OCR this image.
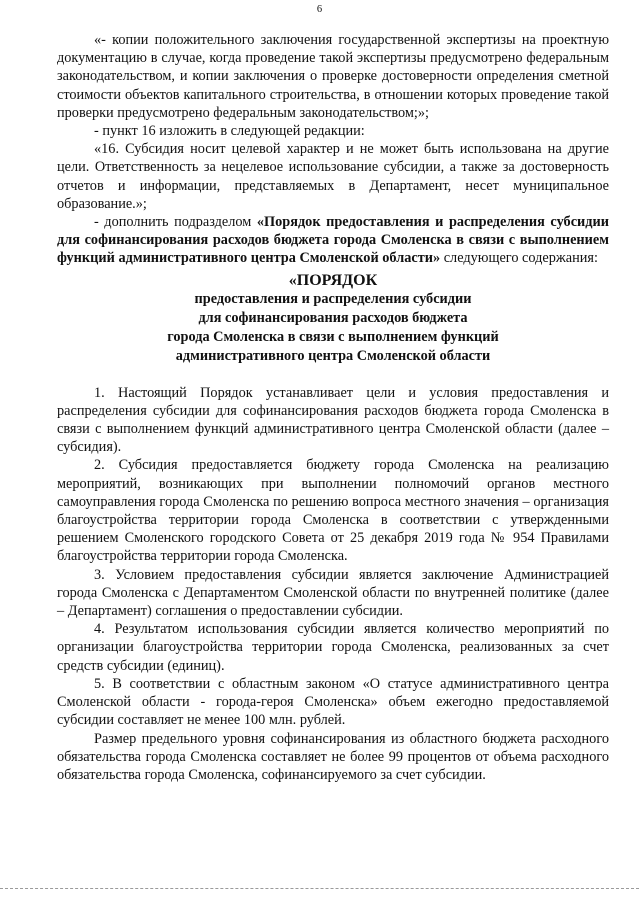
6

«- копии положительного заключения государственной экспертизы на проектную документацию в случае, когда проведение такой экспертизы предусмотрено федеральным законодательством, и копии заключения о проверке достоверности определения сметной стоимости объектов капитального строительства, в отношении которых проведение такой проверки предусмотрено федеральным законодательством;»;

- пункт 16 изложить в следующей редакции:

«16. Субсидия носит целевой характер и не может быть использована на другие цели. Ответственность за нецелевое использование субсидии, а также за достоверность отчетов и информации, представляемых в Департамент, несет муниципальное образование.»;

- дополнить подразделом «Порядок предоставления и распределения субсидии для софинансирования расходов бюджета города Смоленска в связи с выполнением функций административного центра Смоленской области» следующего содержания:

«ПОРЯДОК
предоставления и распределения субсидии
для софинансирования расходов бюджета
города Смоленска в связи с выполнением функций
административного центра Смоленской области

1. Настоящий Порядок устанавливает цели и условия предоставления и распределения субсидии для софинансирования расходов бюджета города Смоленска в связи с выполнением функций административного центра Смоленской области (далее – субсидия).

2. Субсидия предоставляется бюджету города Смоленска на реализацию мероприятий, возникающих при выполнении полномочий органов местного самоуправления города Смоленска по решению вопроса местного значения – организация благоустройства территории города Смоленска в соответствии с утвержденными решением Смоленского городского Совета от 25 декабря 2019 года № 954 Правилами благоустройства территории города Смоленска.

3. Условием предоставления субсидии является заключение Администрацией города Смоленска с Департаментом Смоленской области по внутренней политике (далее – Департамент) соглашения о предоставлении субсидии.

4. Результатом использования субсидии является количество мероприятий по организации благоустройства территории города Смоленска, реализованных за счет средств субсидии (единиц).

5. В соответствии с областным законом «О статусе административного центра Смоленской области - города-героя Смоленска» объем ежегодно предоставляемой субсидии составляет не менее 100 млн. рублей.

Размер предельного уровня софинансирования из областного бюджета расходного обязательства города Смоленска составляет не более 99 процентов от объема расходного обязательства города Смоленска, софинансируемого за счет субсидии.
